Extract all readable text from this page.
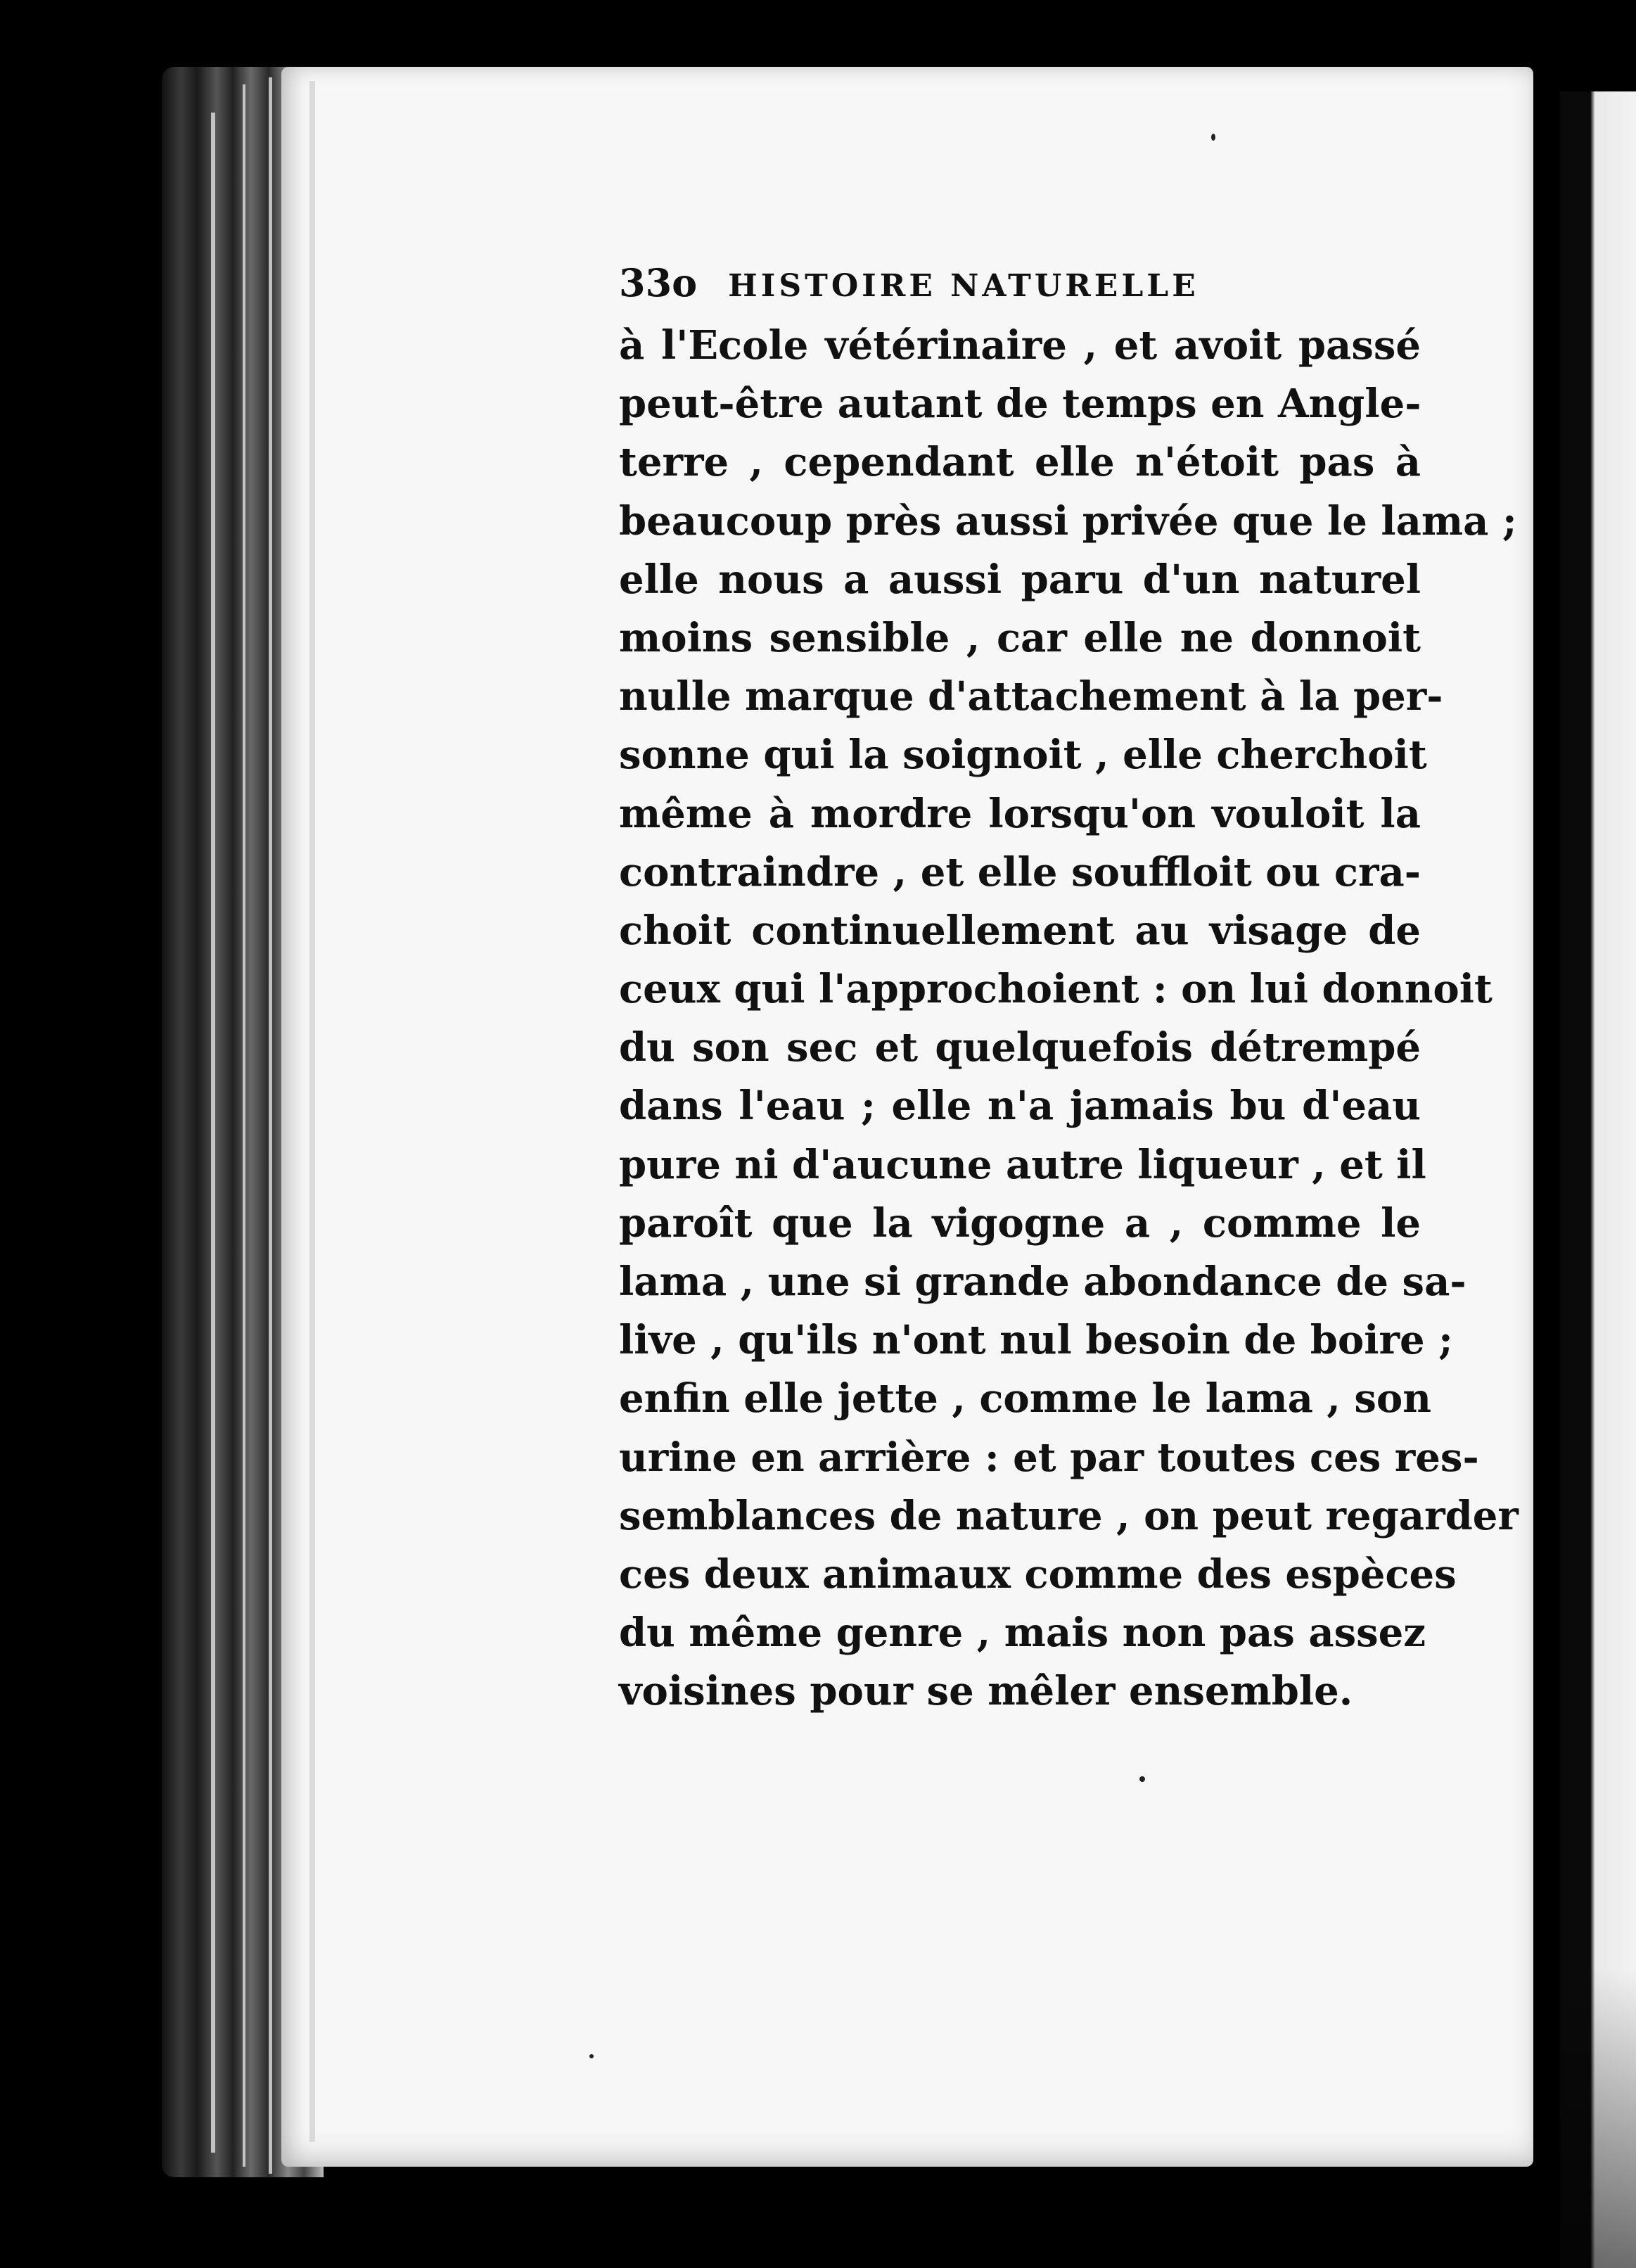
33o HISTOIRE NATURELLE
à l'Ecole vétérinaire , et avoit passé
peut-être autant de temps en Angle-
terre , cependant elle n'étoit pas à
beaucoup près aussi privée que le lama ;
elle nous a aussi paru d'un naturel
moins sensible , car elle ne donnoit
nulle marque d'attachement à la per-
sonne qui la soignoit , elle cherchoit
même à mordre lorsqu'on vouloit la
contraindre , et elle souffloit ou cra-
choit continuellement au visage de
ceux qui l'approchoient : on lui donnoit
du son sec et quelquefois détrempé
dans l'eau ; elle n'a jamais bu d'eau
pure ni d'aucune autre liqueur , et il
paroît que la vigogne a , comme le
lama , une si grande abondance de sa-
live , qu'ils n'ont nul besoin de boire ;
enfin elle jette , comme le lama , son
urine en arrière : et par toutes ces res-
semblances de nature , on peut regarder
ces deux animaux comme des espèces
du même genre , mais non pas assez
voisines pour se mêler ensemble.
